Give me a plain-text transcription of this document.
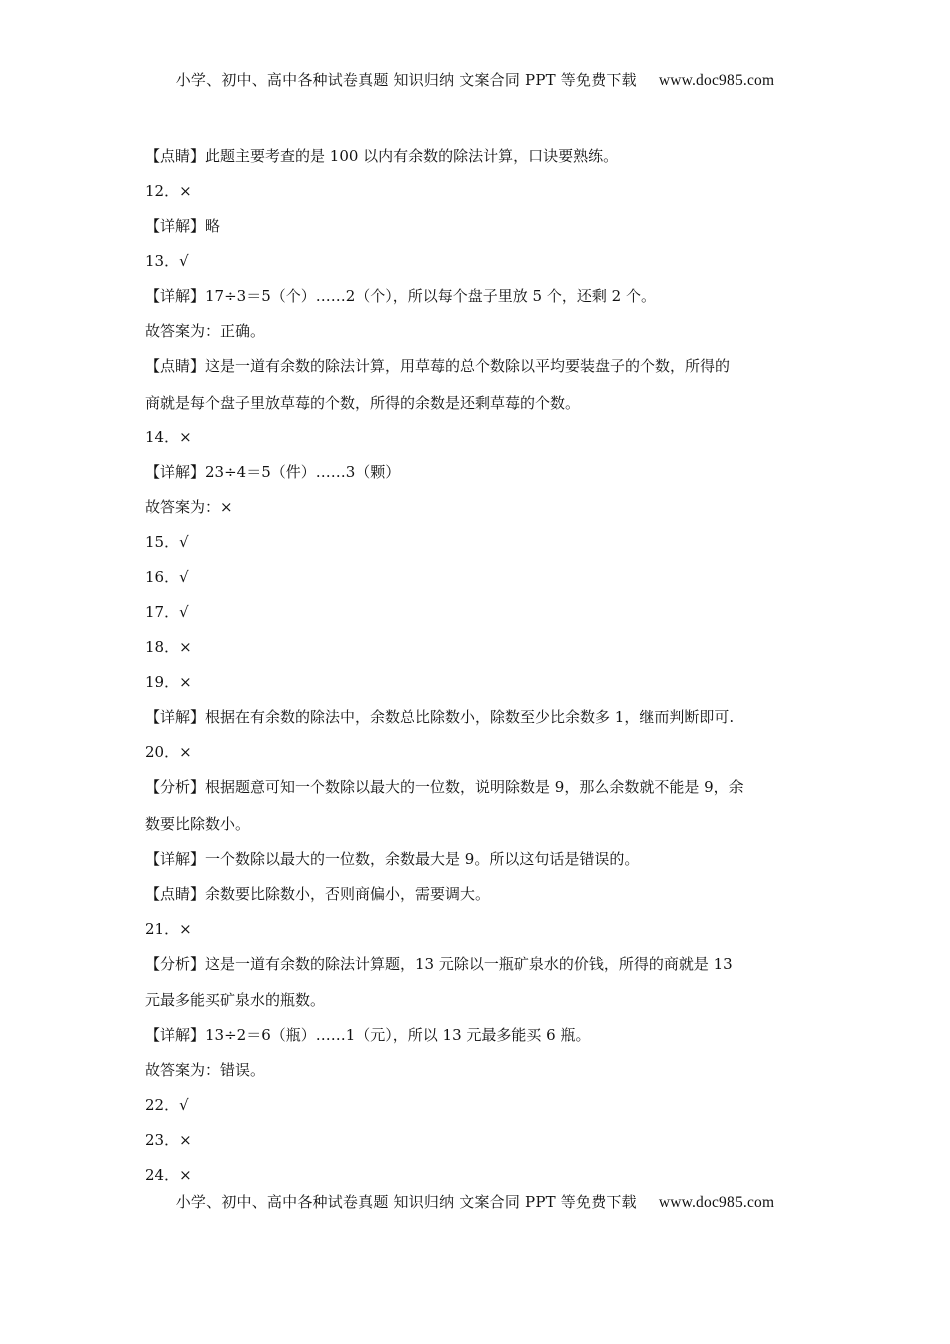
小学、初中、高中各种试卷真题 知识归纳 文案合同 PPT 等免费下载 www.doc985.com
【点睛】此题主要考查的是 100 以内有余数的除法计算，口诀要熟练。
12．×
【详解】略
13．√
【详解】17÷3＝5（个）……2（个），所以每个盘子里放 5 个，还剩 2 个。
故答案为：正确。
【点睛】这是一道有余数的除法计算，用草莓的总个数除以平均要装盘子的个数，所得的
商就是每个盘子里放草莓的个数，所得的余数是还剩草莓的个数。
14．×
【详解】23÷4＝5（件）……3（颗）
故答案为：×
15．√
16．√
17．√
18．×
19．×
【详解】根据在有余数的除法中，余数总比除数小，除数至少比余数多 1，继而判断即可.
20．×
【分析】根据题意可知一个数除以最大的一位数，说明除数是 9，那么余数就不能是 9，余
数要比除数小。
【详解】一个数除以最大的一位数，余数最大是 9。所以这句话是错误的。
【点睛】余数要比除数小，否则商偏小，需要调大。
21．×
【分析】这是一道有余数的除法计算题，13 元除以一瓶矿泉水的价钱，所得的商就是 13
元最多能买矿泉水的瓶数。
【详解】13÷2＝6（瓶）……1（元），所以 13 元最多能买 6 瓶。
故答案为：错误。
22．√
23．×
24．×
小学、初中、高中各种试卷真题 知识归纳 文案合同 PPT 等免费下载 www.doc985.com
